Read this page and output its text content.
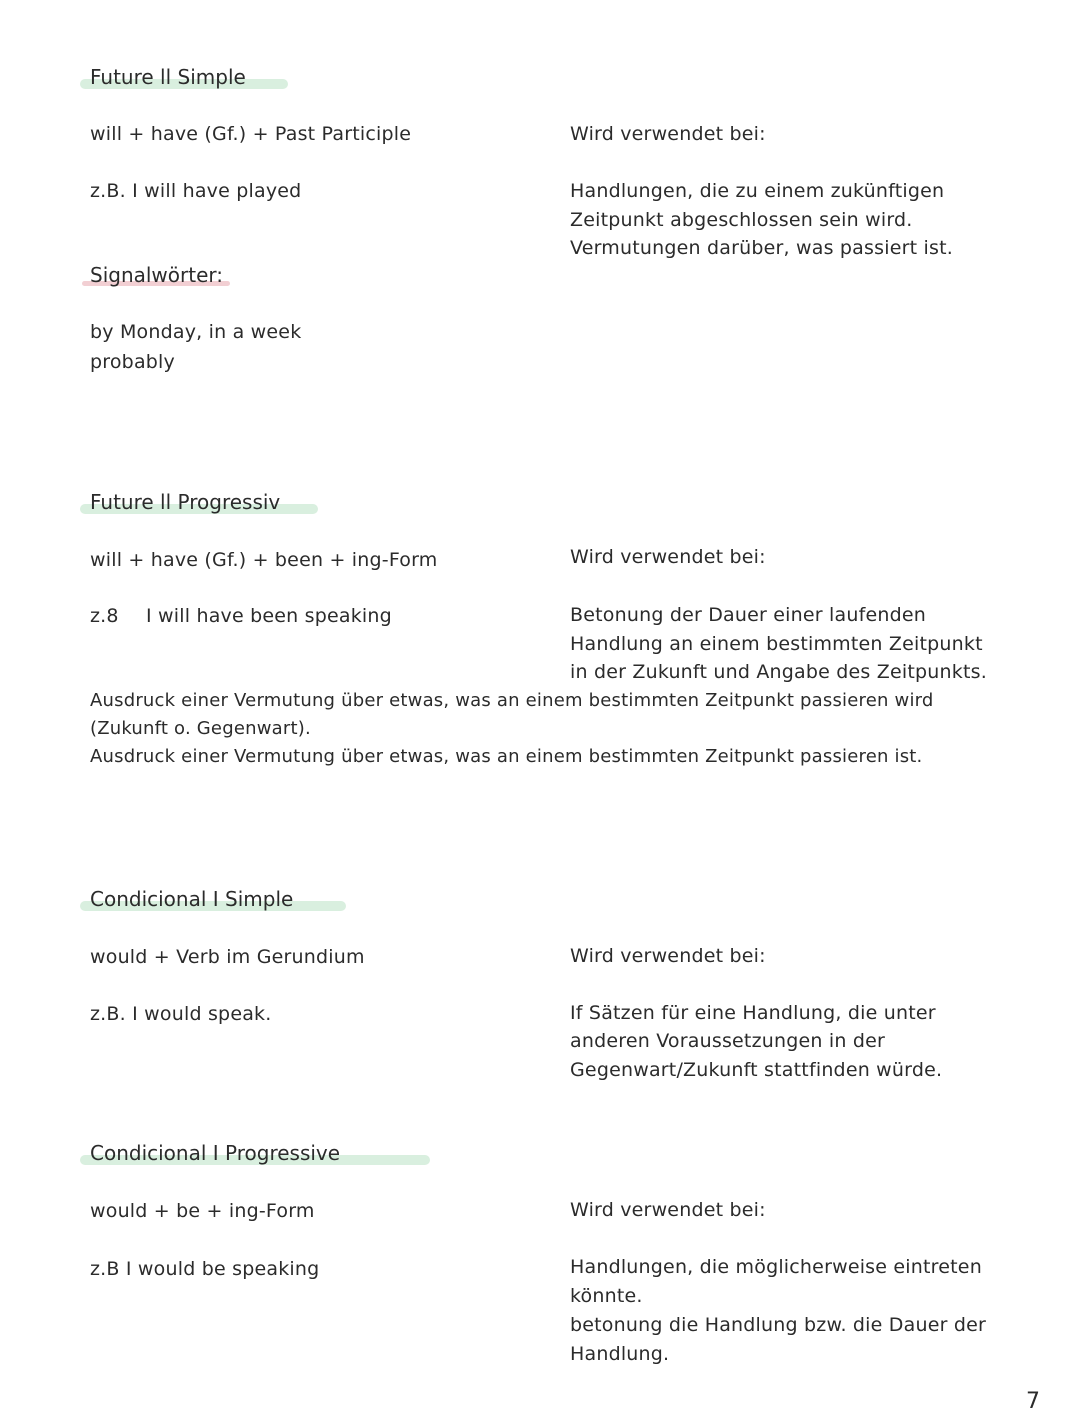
Future ll Simple
will + have (Gf.) + Past Participle
z.B. I will have played
Wird verwendet bei:
Handlungen, die zu einem zukünftigen
Zeitpunkt abgeschlossen sein wird.
Vermutungen darüber, was passiert ist.
Signalwörter:
by Monday, in a week
probably
Future ll Progressiv
will + have (Gf.) + been + ing-Form
z.8 I will have been speaking
Wird verwendet bei:
Betonung der Dauer einer laufenden
Handlung an einem bestimmten Zeitpunkt
in der Zukunft und Angabe des Zeitpunkts.
Ausdruck einer Vermutung über etwas, was an einem bestimmten Zeitpunkt passieren wird
(Zukunft o. Gegenwart).
Ausdruck einer Vermutung über etwas, was an einem bestimmten Zeitpunkt passieren ist.
Condicional I Simple
would + Verb im Gerundium
z.B. I would speak.
Wird verwendet bei:
If Sätzen für eine Handlung, die unter
anderen Voraussetzungen in der
Gegenwart/Zukunft stattfinden würde.
Condicional I Progressive
would + be + ing-Form
z.B I would be speaking
Wird verwendet bei:
Handlungen, die möglicherweise eintreten
könnte.
betonung die Handlung bzw. die Dauer der
Handlung.
7
